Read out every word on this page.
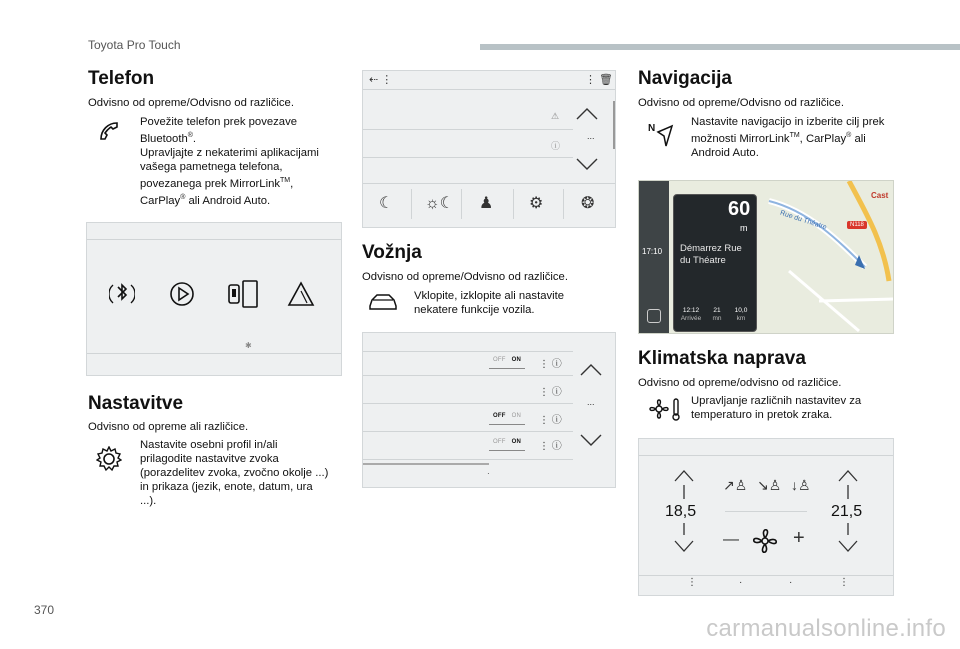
Toyota Pro Touch
Telefon
Odvisno od opreme/Odvisno od različice.
Povežite telefon prek povezave Bluetooth®.
Upravljajte z nekaterimi aplikacijami vašega pametnega telefona, povezanega prek MirrorLink™, CarPlay® ali Android Auto.
✱
Nastavitve
Odvisno od opreme ali različice.
Nastavite osebni profil in/ali prilagodite nastavitve zvoka (porazdelitev zvoka, zvočno okolje ...) in prikaza (jezik, enote, datum, ura ...).
⇠ ⋮	⋮ 🗑
⚠
ⓘ
...
☾ ☼☾ ♟ ⚙ ❂
Vožnja
Odvisno od opreme/Odvisno od različice.
Vklopite, izklopite ali nastavite nekatere funkcije vozila.
OFF ON ⋮ ⓘ
⋮ ⓘ
OFF ON ⋮ ⓘ
OFF ON ⋮ ⓘ
...
·
Navigacija
Odvisno od opreme/Odvisno od različice.
N
Nastavite navigacijo in izberite cilj prek možnosti MirrorLink™, CarPlay® ali Android Auto.
17:10
Cast
Rue du Théatre	N118
60
m
Démarrez Rue du Théatre
12:12
Arrivée
21
mn
10,0
km
Klimatska naprava
Odvisno od opreme/odvisno od različice.
Upravljanje različnih nastavitev za temperaturo in pretok zraka.
18,5	21,5
↗♙ ↘♙ ↓♙
—	+
⋮	·	·	⋮
370
carmanualsonline.info
